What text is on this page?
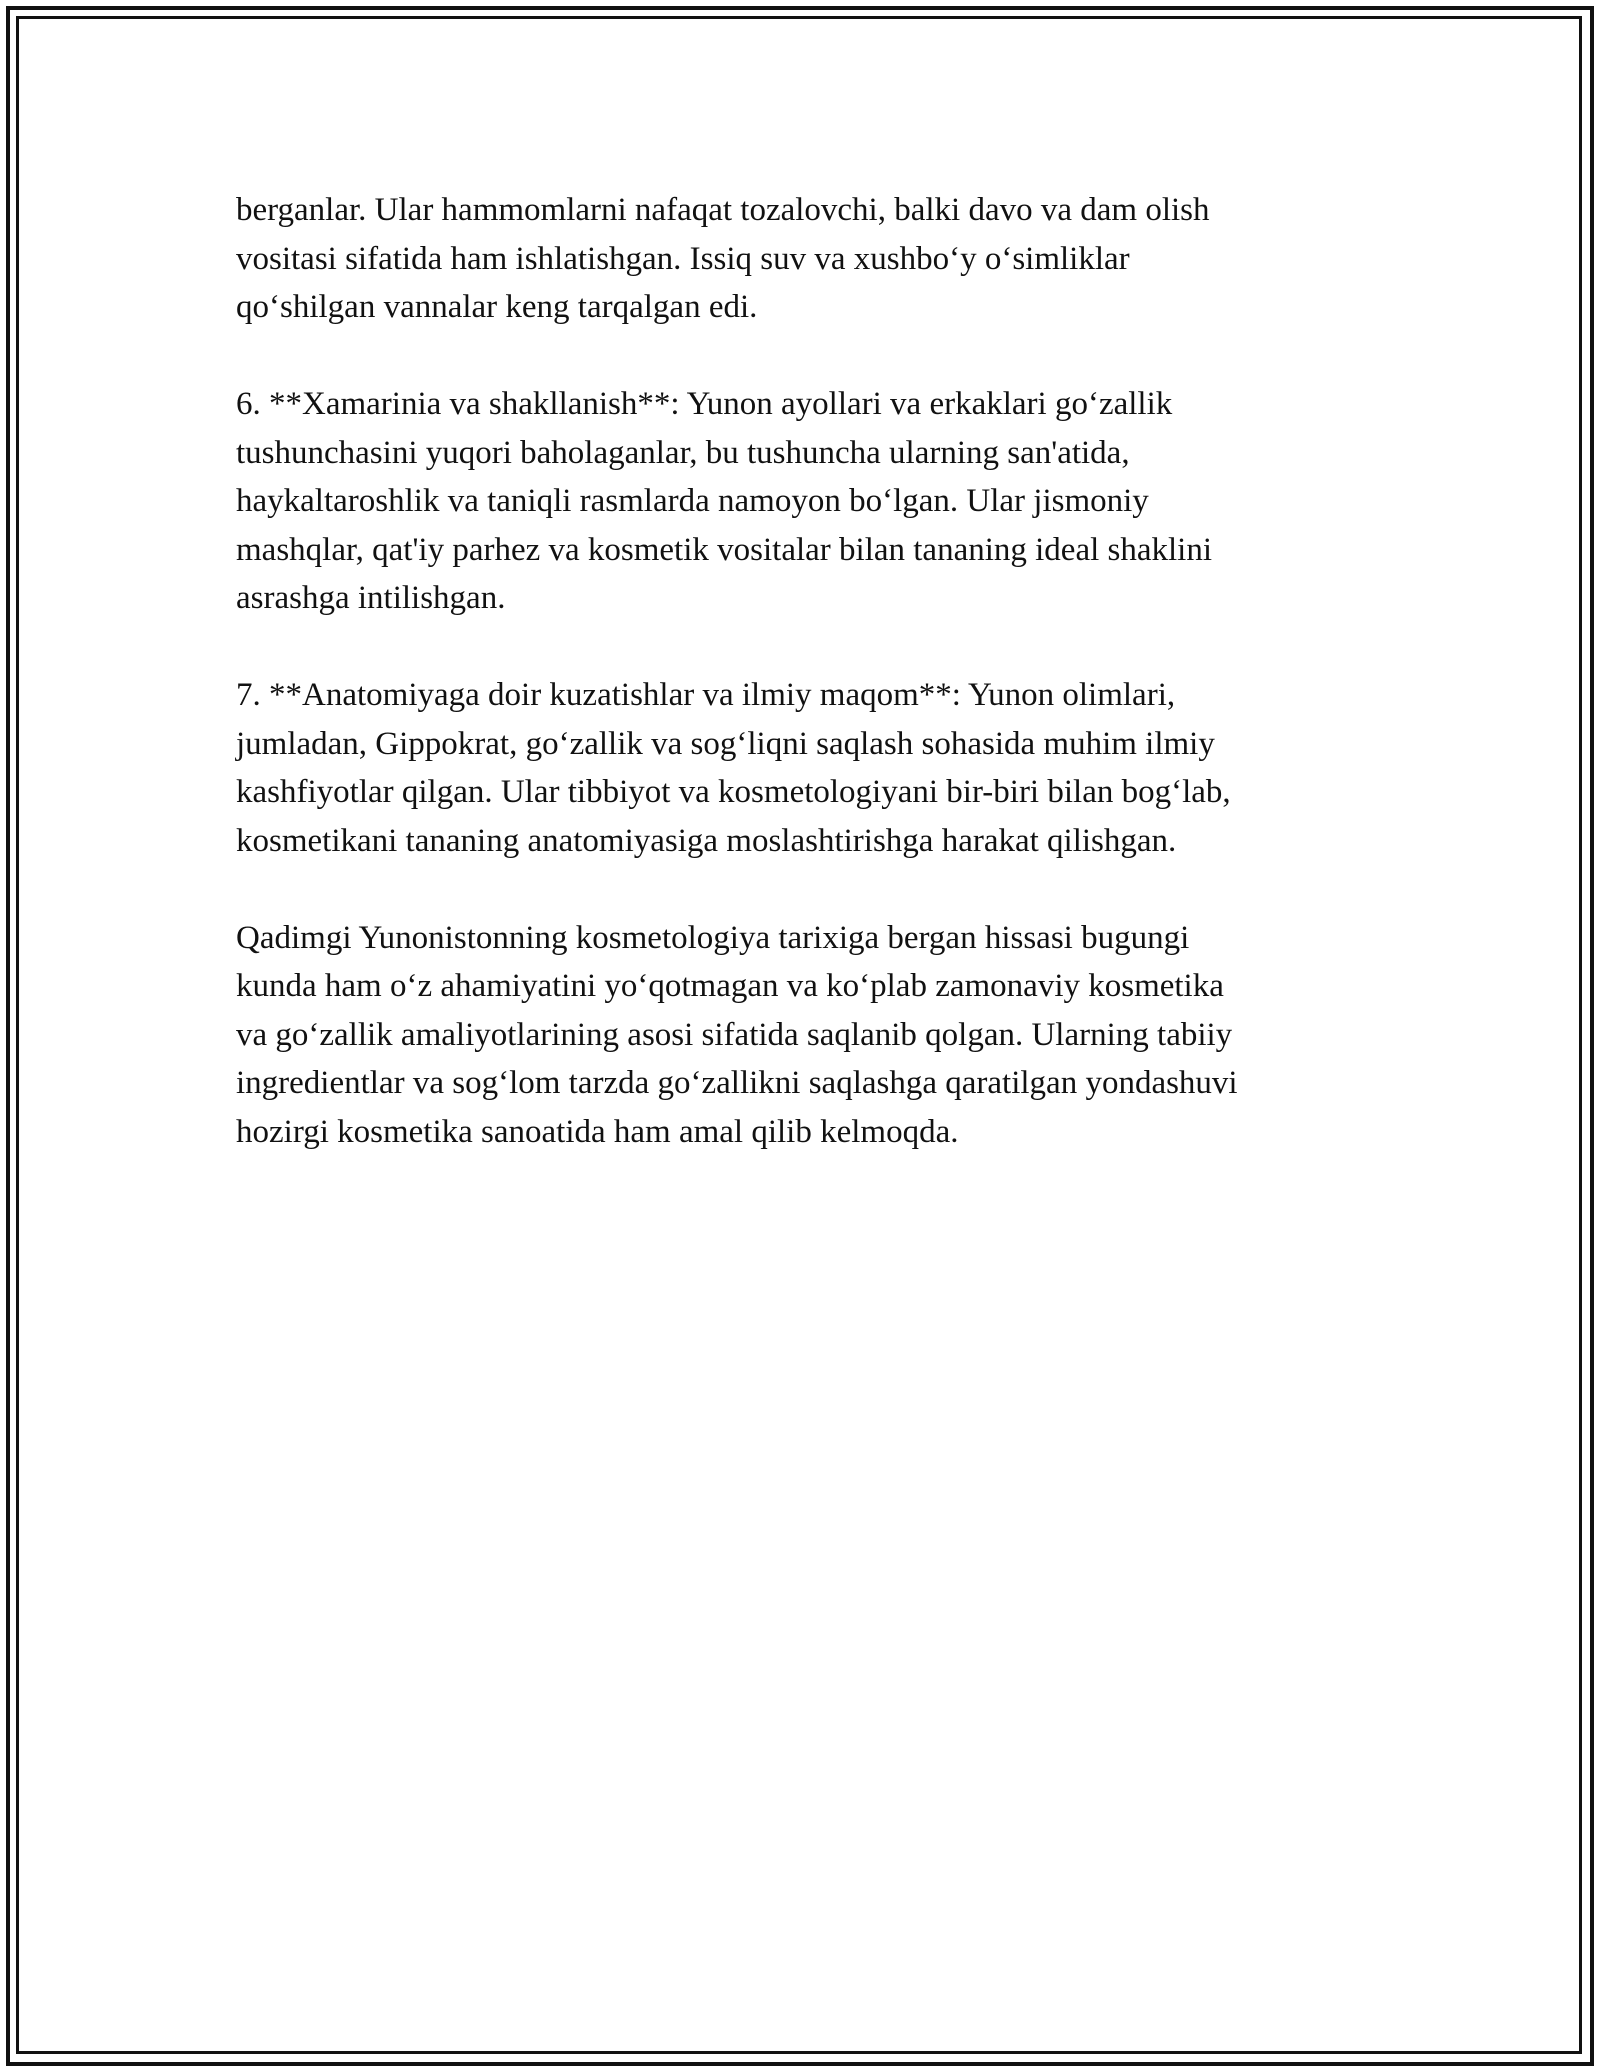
berganlar. Ular hammomlarni nafaqat tozalovchi, balki davo va dam olish
vositasi sifatida ham ishlatishgan. Issiq suv va xushbo‘y o‘simliklar
qo‘shilgan vannalar keng tarqalgan edi.

6. **Xamarinia va shakllanish**: Yunon ayollari va erkaklari go‘zallik
tushunchasini yuqori baholaganlar, bu tushuncha ularning san'atida,
haykaltaroshlik va taniqli rasmlarda namoyon bo‘lgan. Ular jismoniy
mashqlar, qat'iy parhez va kosmetik vositalar bilan tananing ideal shaklini
asrashga intilishgan.

7. **Anatomiyaga doir kuzatishlar va ilmiy maqom**: Yunon olimlari,
jumladan, Gippokrat, go‘zallik va sog‘liqni saqlash sohasida muhim ilmiy
kashfiyotlar qilgan. Ular tibbiyot va kosmetologiyani bir-biri bilan bog‘lab,
kosmetikani tananing anatomiyasiga moslashtirishga harakat qilishgan.

Qadimgi Yunonistonning kosmetologiya tarixiga bergan hissasi bugungi
kunda ham o‘z ahamiyatini yo‘qotmagan va ko‘plab zamonaviy kosmetika
va go‘zallik amaliyotlarining asosi sifatida saqlanib qolgan. Ularning tabiiy
ingredientlar va sog‘lom tarzda go‘zallikni saqlashga qaratilgan yondashuvi
hozirgi kosmetika sanoatida ham amal qilib kelmoqda.
